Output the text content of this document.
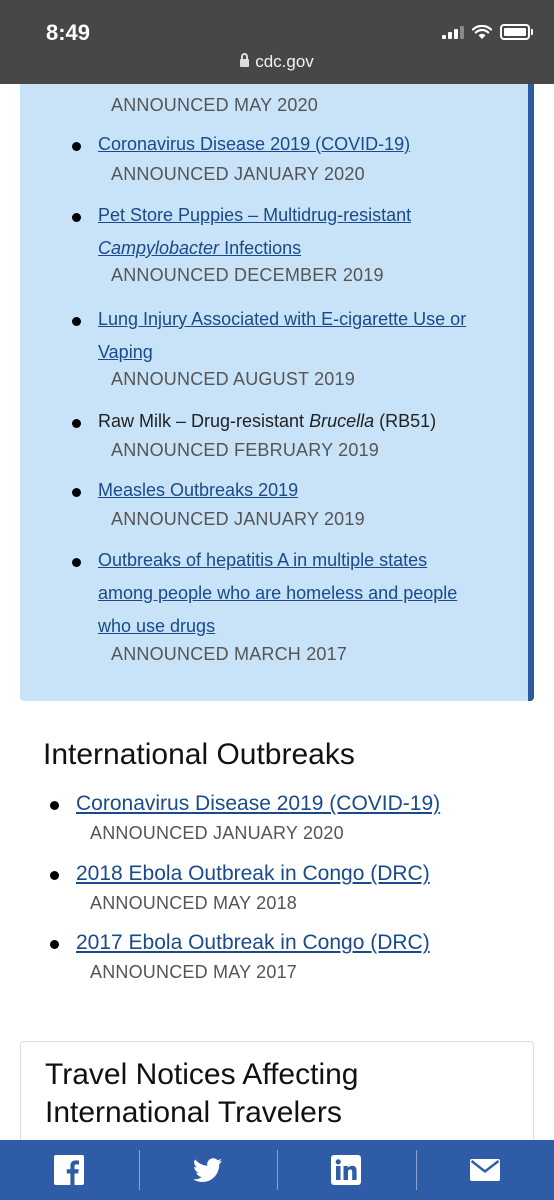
8:49
cdc.gov
ANNOUNCED MAY 2020
Coronavirus Disease 2019 (COVID-19)
ANNOUNCED JANUARY 2020
Pet Store Puppies – Multidrug-resistant
Campylobacter Infections
ANNOUNCED DECEMBER 2019
Lung Injury Associated with E-cigarette Use or
Vaping
ANNOUNCED AUGUST 2019
Raw Milk – Drug-resistant Brucella (RB51)
ANNOUNCED FEBRUARY 2019
Measles Outbreaks 2019
ANNOUNCED JANUARY 2019
Outbreaks of hepatitis A in multiple states
among people who are homeless and people
who use drugs
ANNOUNCED MARCH 2017
International Outbreaks
Coronavirus Disease 2019 (COVID-19)
ANNOUNCED JANUARY 2020
2018 Ebola Outbreak in Congo (DRC)
ANNOUNCED MAY 2018
2017 Ebola Outbreak in Congo (DRC)
ANNOUNCED MAY 2017
Travel Notices Affecting
International Travelers
